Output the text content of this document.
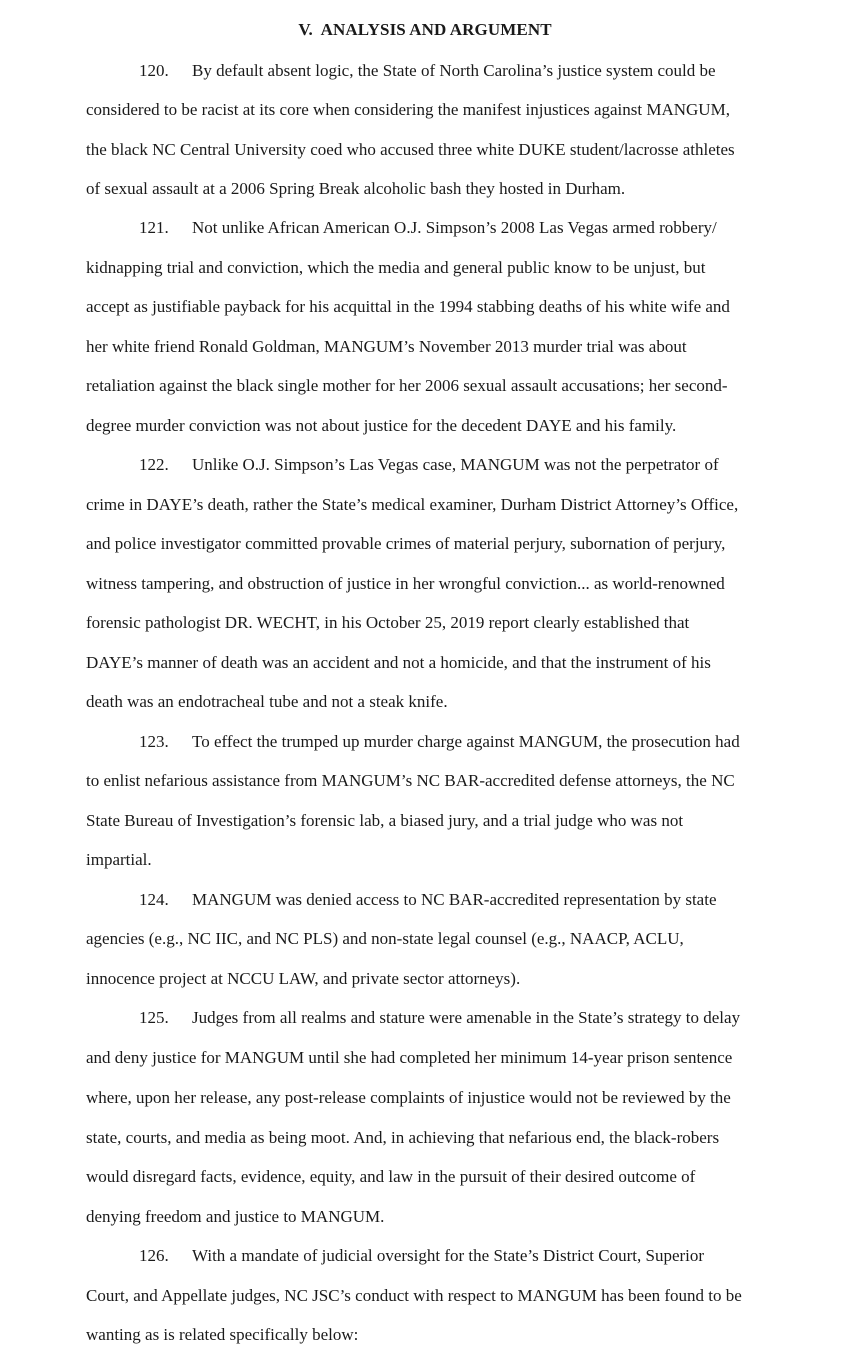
V.  ANALYSIS AND ARGUMENT
120. By default absent logic, the State of North Carolina’s justice system could be
considered to be racist at its core when considering the manifest injustices against MANGUM,
the black NC Central University coed who accused three white DUKE student/lacrosse athletes
of sexual assault at a 2006 Spring Break alcoholic bash they hosted in Durham.
121. Not unlike African American O.J. Simpson’s 2008 Las Vegas armed robbery/
kidnapping trial and conviction, which the media and general public know to be unjust, but
accept as justifiable payback for his acquittal in the 1994 stabbing deaths of his white wife and
her white friend Ronald Goldman, MANGUM’s November 2013 murder trial was about
retaliation against the black single mother for her 2006 sexual assault accusations; her second-
degree murder conviction was not about justice for the decedent DAYE and his family.
122. Unlike O.J. Simpson’s Las Vegas case, MANGUM was not the perpetrator of
crime in DAYE’s death, rather the State’s medical examiner, Durham District Attorney’s Office,
and police investigator committed provable crimes of material perjury, subornation of perjury,
witness tampering, and obstruction of justice in her wrongful conviction... as world-renowned
forensic pathologist DR. WECHT, in his October 25, 2019 report clearly established that
DAYE’s manner of death was an accident and not a homicide, and that the instrument of his
death was an endotracheal tube and not a steak knife.
123. To effect the trumped up murder charge against MANGUM, the prosecution had
to enlist nefarious assistance from MANGUM’s NC BAR-accredited defense attorneys, the NC
State Bureau of Investigation’s forensic lab, a biased jury, and a trial judge who was not
impartial.
124. MANGUM was denied access to NC BAR-accredited representation by state
agencies (e.g., NC IIC, and NC PLS) and non-state legal counsel (e.g., NAACP, ACLU,
innocence project at NCCU LAW, and private sector attorneys).
125. Judges from all realms and stature were amenable in the State’s strategy to delay
and deny justice for MANGUM until she had completed her minimum 14-year prison sentence
where, upon her release, any post-release complaints of injustice would not be reviewed by the
state, courts, and media as being moot. And, in achieving that nefarious end, the black-robers
would disregard facts, evidence, equity, and law in the pursuit of their desired outcome of
denying freedom and justice to MANGUM.
126. With a mandate of judicial oversight for the State’s District Court, Superior
Court, and Appellate judges, NC JSC’s conduct with respect to MANGUM has been found to be
wanting as is related specifically below:
